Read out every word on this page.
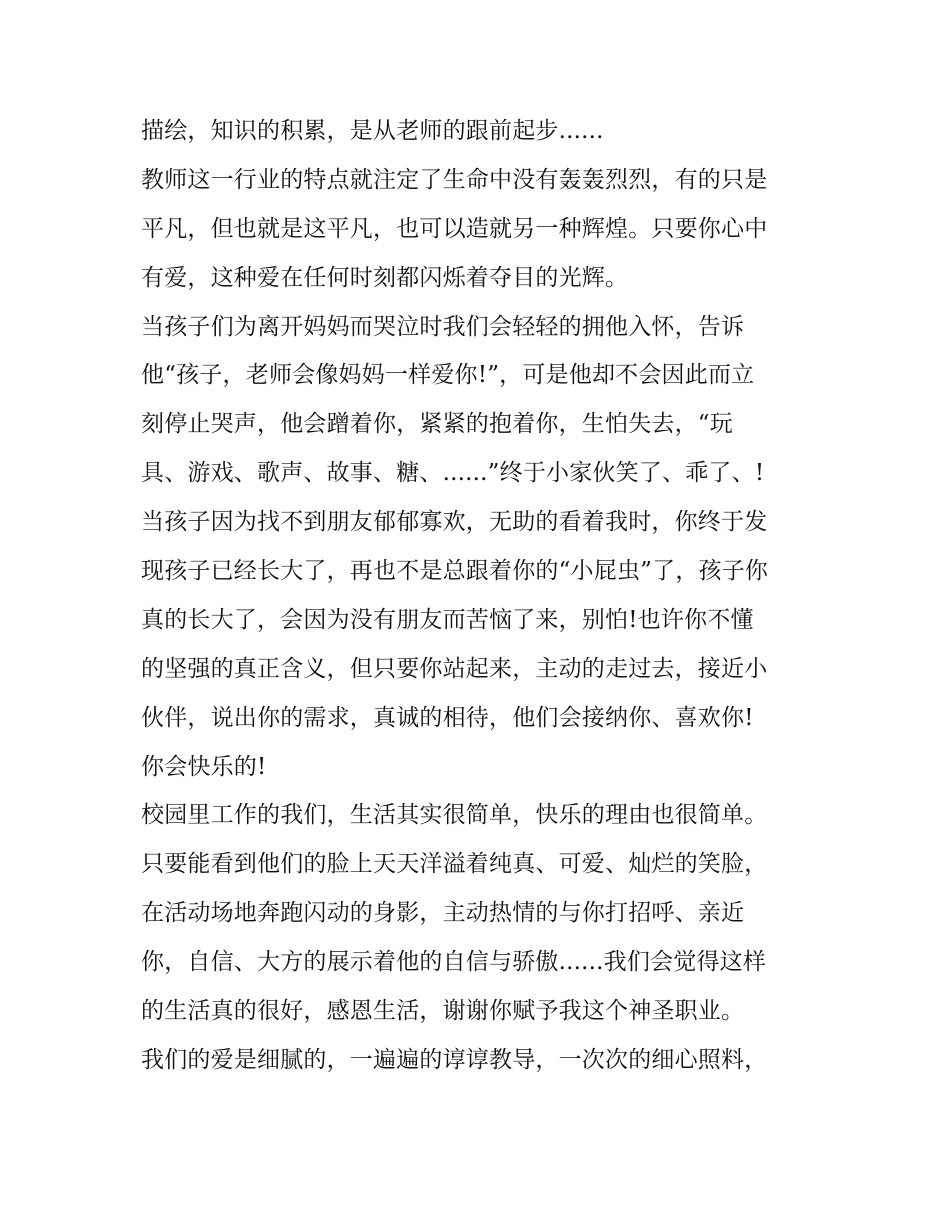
描绘，知识的积累，是从老师的跟前起步......
教师这一行业的特点就注定了生命中没有轰轰烈烈，有的只是
平凡，但也就是这平凡，也可以造就另一种辉煌。只要你心中
有爱，这种爱在任何时刻都闪烁着夺目的光辉。
当孩子们为离开妈妈而哭泣时我们会轻轻的拥他入怀，告诉
他“孩子，老师会像妈妈一样爱你!”，可是他却不会因此而立
刻停止哭声，他会蹭着你，紧紧的抱着你，生怕失去，“玩
具、游戏、歌声、故事、糖、......”终于小家伙笑了、乖了、!
当孩子因为找不到朋友郁郁寡欢，无助的看着我时，你终于发
现孩子已经长大了，再也不是总跟着你的“小屁虫”了，孩子你
真的长大了，会因为没有朋友而苦恼了来，别怕!也许你不懂
的坚强的真正含义，但只要你站起来，主动的走过去，接近小
伙伴，说出你的需求，真诚的相待，他们会接纳你、喜欢你!
你会快乐的!
校园里工作的我们，生活其实很简单，快乐的理由也很简单。
只要能看到他们的脸上天天洋溢着纯真、可爱、灿烂的笑脸，
在活动场地奔跑闪动的身影，主动热情的与你打招呼、亲近
你，自信、大方的展示着他的自信与骄傲......我们会觉得这样
的生活真的很好，感恩生活，谢谢你赋予我这个神圣职业。
我们的爱是细腻的，一遍遍的谆谆教导，一次次的细心照料，
